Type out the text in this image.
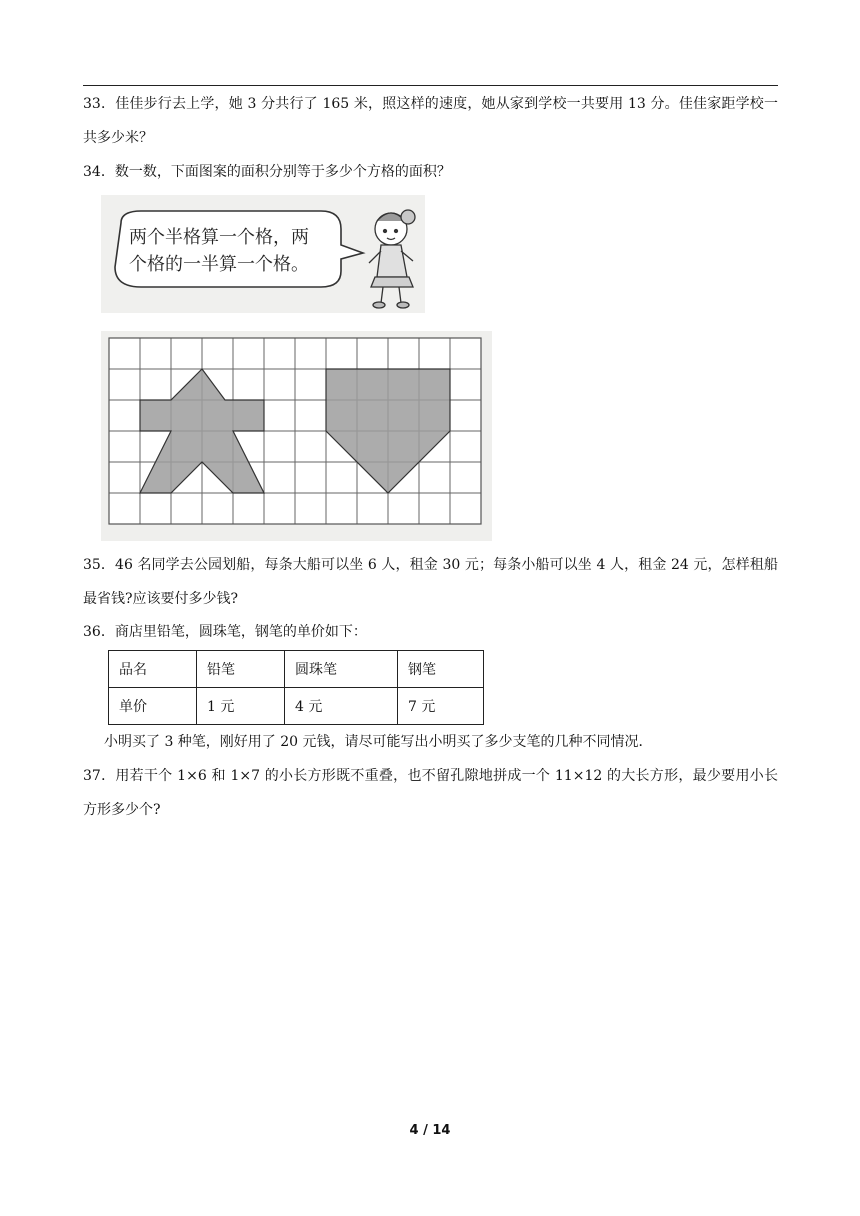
33．佳佳步行去上学，她 3 分共行了 165 米，照这样的速度，她从家到学校一共要用 13 分。佳佳家距学校一共多少米？
34．数一数，下面图案的面积分别等于多少个方格的面积？
两个半格算一个格，两
个格的一半算一个格。
35．46 名同学去公园划船，每条大船可以坐 6 人，租金 30 元；每条小船可以坐 4 人，租金 24 元，怎样租船最省钱?应该要付多少钱?
36．商店里铅笔，圆珠笔，钢笔的单价如下：
品名	铅笔	圆珠笔	钢笔
单价	1 元	4 元	7 元
小明买了 3 种笔，刚好用了 20 元钱，请尽可能写出小明买了多少支笔的几种不同情况．
37．用若干个 1×6 和 1×7 的小长方形既不重叠，也不留孔隙地拼成一个 11×12 的大长方形，最少要用小长方形多少个?
4 / 14
